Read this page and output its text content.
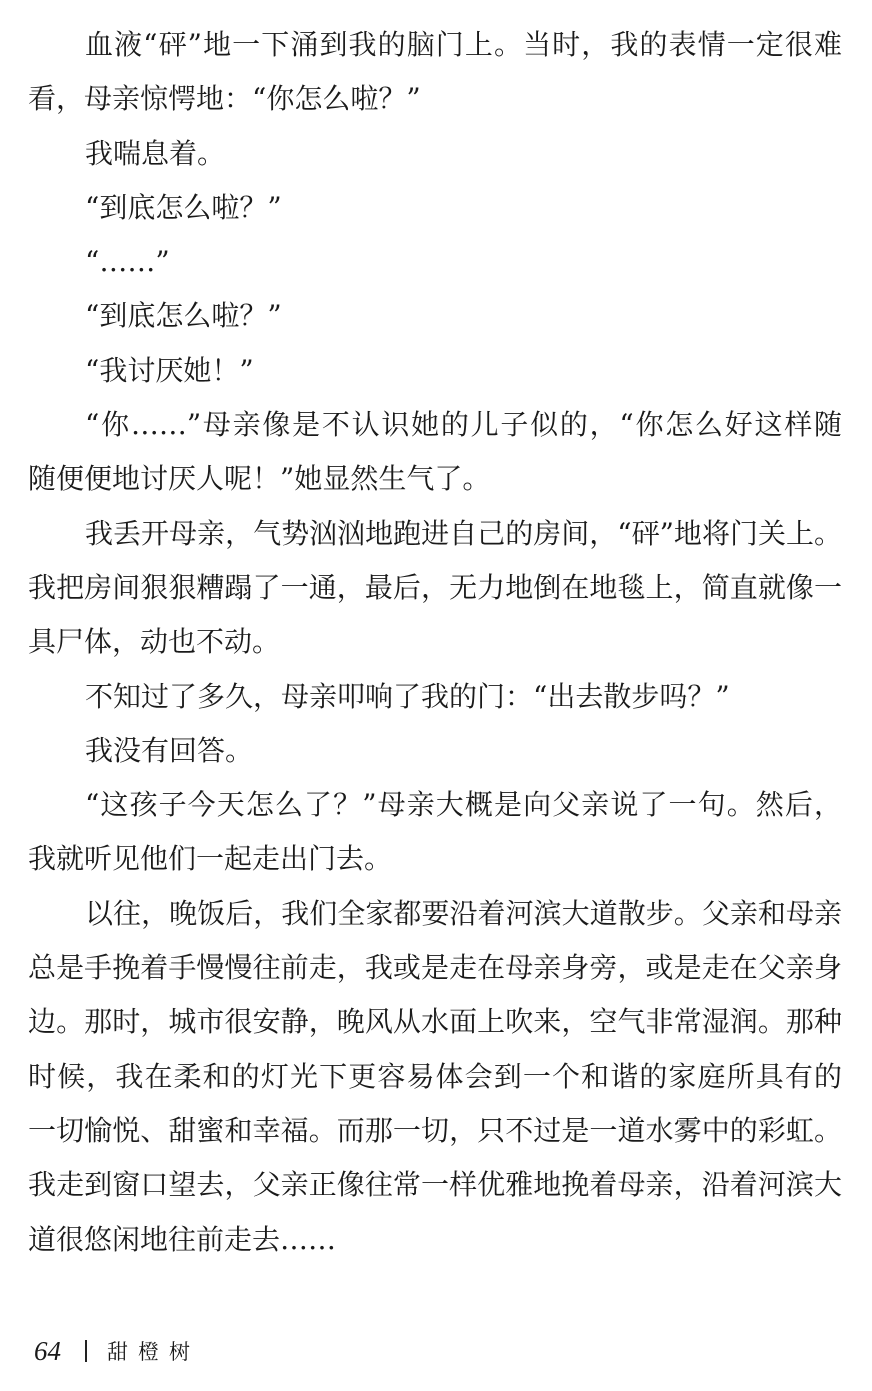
血液“砰”地一下涌到我的脑门上。当时，我的表情一定很难
看，母亲惊愕地：“你怎么啦？”
我喘息着。
“到底怎么啦？”
“……”
“到底怎么啦？”
“我讨厌她！”
“你……”母亲像是不认识她的儿子似的，“你怎么好这样随
随便便地讨厌人呢！”她显然生气了。
我丢开母亲，气势汹汹地跑进自己的房间，“砰”地将门关上。
我把房间狠狠糟蹋了一通，最后，无力地倒在地毯上，简直就像一
具尸体，动也不动。
不知过了多久，母亲叩响了我的门：“出去散步吗？”
我没有回答。
“这孩子今天怎么了？”母亲大概是向父亲说了一句。然后，
我就听见他们一起走出门去。
以往，晚饭后，我们全家都要沿着河滨大道散步。父亲和母亲
总是手挽着手慢慢往前走，我或是走在母亲身旁，或是走在父亲身
边。那时，城市很安静，晚风从水面上吹来，空气非常湿润。那种
时候，我在柔和的灯光下更容易体会到一个和谐的家庭所具有的
一切愉悦、甜蜜和幸福。而那一切，只不过是一道水雾中的彩虹。
我走到窗口望去，父亲正像往常一样优雅地挽着母亲，沿着河滨大
道很悠闲地往前走去……
64 甜橙树
